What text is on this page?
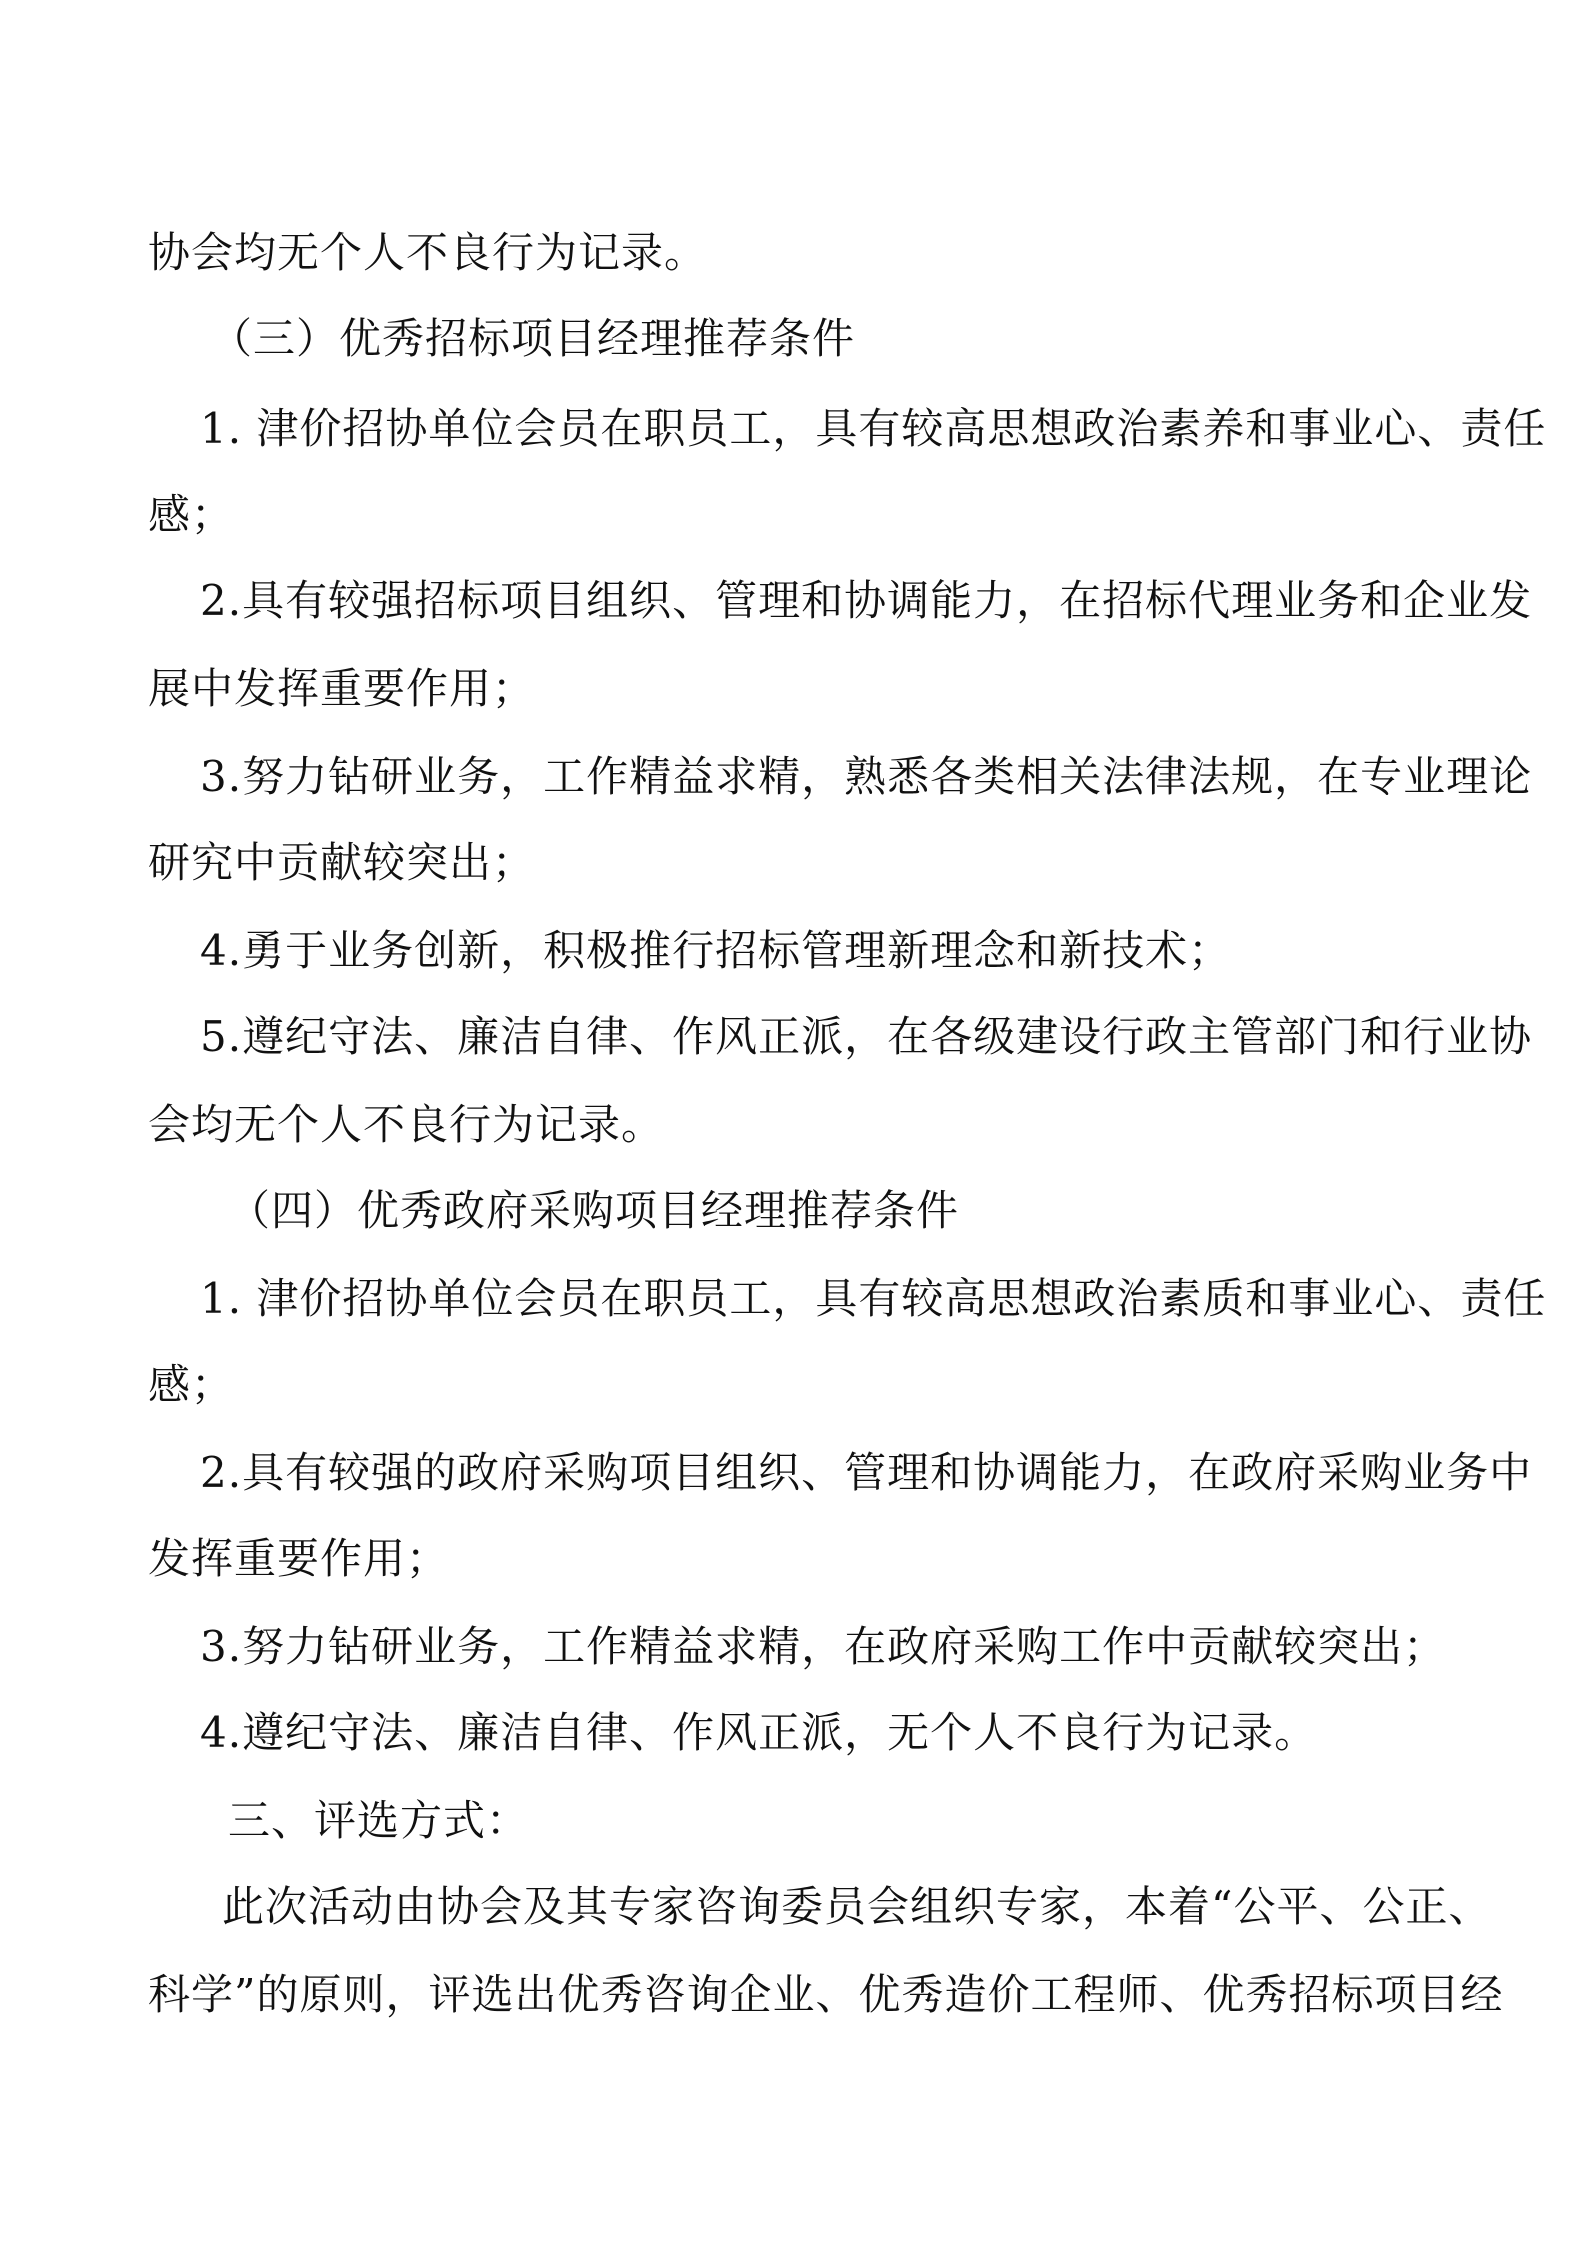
协会均无个人不良行为记录。
（三）优秀招标项目经理推荐条件
1. 津价招协单位会员在职员工，具有较高思想政治素养和事业心、责任
感；
2.具有较强招标项目组织、管理和协调能力，在招标代理业务和企业发
展中发挥重要作用；
3.努力钻研业务，工作精益求精，熟悉各类相关法律法规，在专业理论
研究中贡献较突出；
4.勇于业务创新，积极推行招标管理新理念和新技术；
5.遵纪守法、廉洁自律、作风正派，在各级建设行政主管部门和行业协
会均无个人不良行为记录。
（四）优秀政府采购项目经理推荐条件
1. 津价招协单位会员在职员工，具有较高思想政治素质和事业心、责任
感；
2.具有较强的政府采购项目组织、管理和协调能力，在政府采购业务中
发挥重要作用；
3.努力钻研业务，工作精益求精，在政府采购工作中贡献较突出；
4.遵纪守法、廉洁自律、作风正派，无个人不良行为记录。
三、评选方式：
此次活动由协会及其专家咨询委员会组织专家，本着“公平、公正、
科学”的原则，评选出优秀咨询企业、优秀造价工程师、优秀招标项目经
